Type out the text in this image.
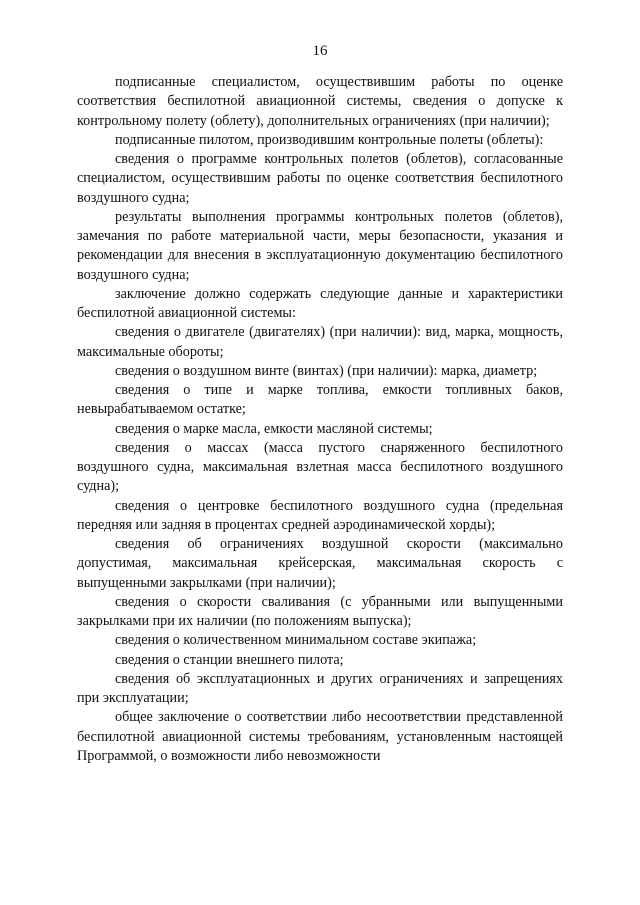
16

подписанные специалистом, осуществившим работы по оценке соответствия беспилотной авиационной системы, сведения о допуске к контрольному полету (облету), дополнительных ограничениях (при наличии);

подписанные пилотом, производившим контрольные полеты (облеты):

сведения о программе контрольных полетов (облетов), согласованные специалистом, осуществившим работы по оценке соответствия беспилотного воздушного судна;

результаты выполнения программы контрольных полетов (облетов), замечания по работе материальной части, меры безопасности, указания и рекомендации для внесения в эксплуатационную документацию беспилотного воздушного судна;

заключение должно содержать следующие данные и характеристики беспилотной авиационной системы:

сведения о двигателе (двигателях) (при наличии): вид, марка, мощность, максимальные обороты;

сведения о воздушном винте (винтах) (при наличии): марка, диаметр;

сведения о типе и марке топлива, емкости топливных баков, невырабатываемом остатке;

сведения о марке масла, емкости масляной системы;

сведения о массах (масса пустого снаряженного беспилотного воздушного судна, максимальная взлетная масса беспилотного воздушного судна);

сведения о центровке беспилотного воздушного судна (предельная передняя или задняя в процентах средней аэродинамической хорды);

сведения об ограничениях воздушной скорости (максимально допустимая, максимальная крейсерская, максимальная скорость с выпущенными закрылками (при наличии);

сведения о скорости сваливания (с убранными или выпущенными закрылками при их наличии (по положениям выпуска);

сведения о количественном минимальном составе экипажа;

сведения о станции внешнего пилота;

сведения об эксплуатационных и других ограничениях и запрещениях при эксплуатации;

общее заключение о соответствии либо несоответствии представленной беспилотной авиационной системы требованиям, установленным настоящей Программой, о возможности либо невозможности
